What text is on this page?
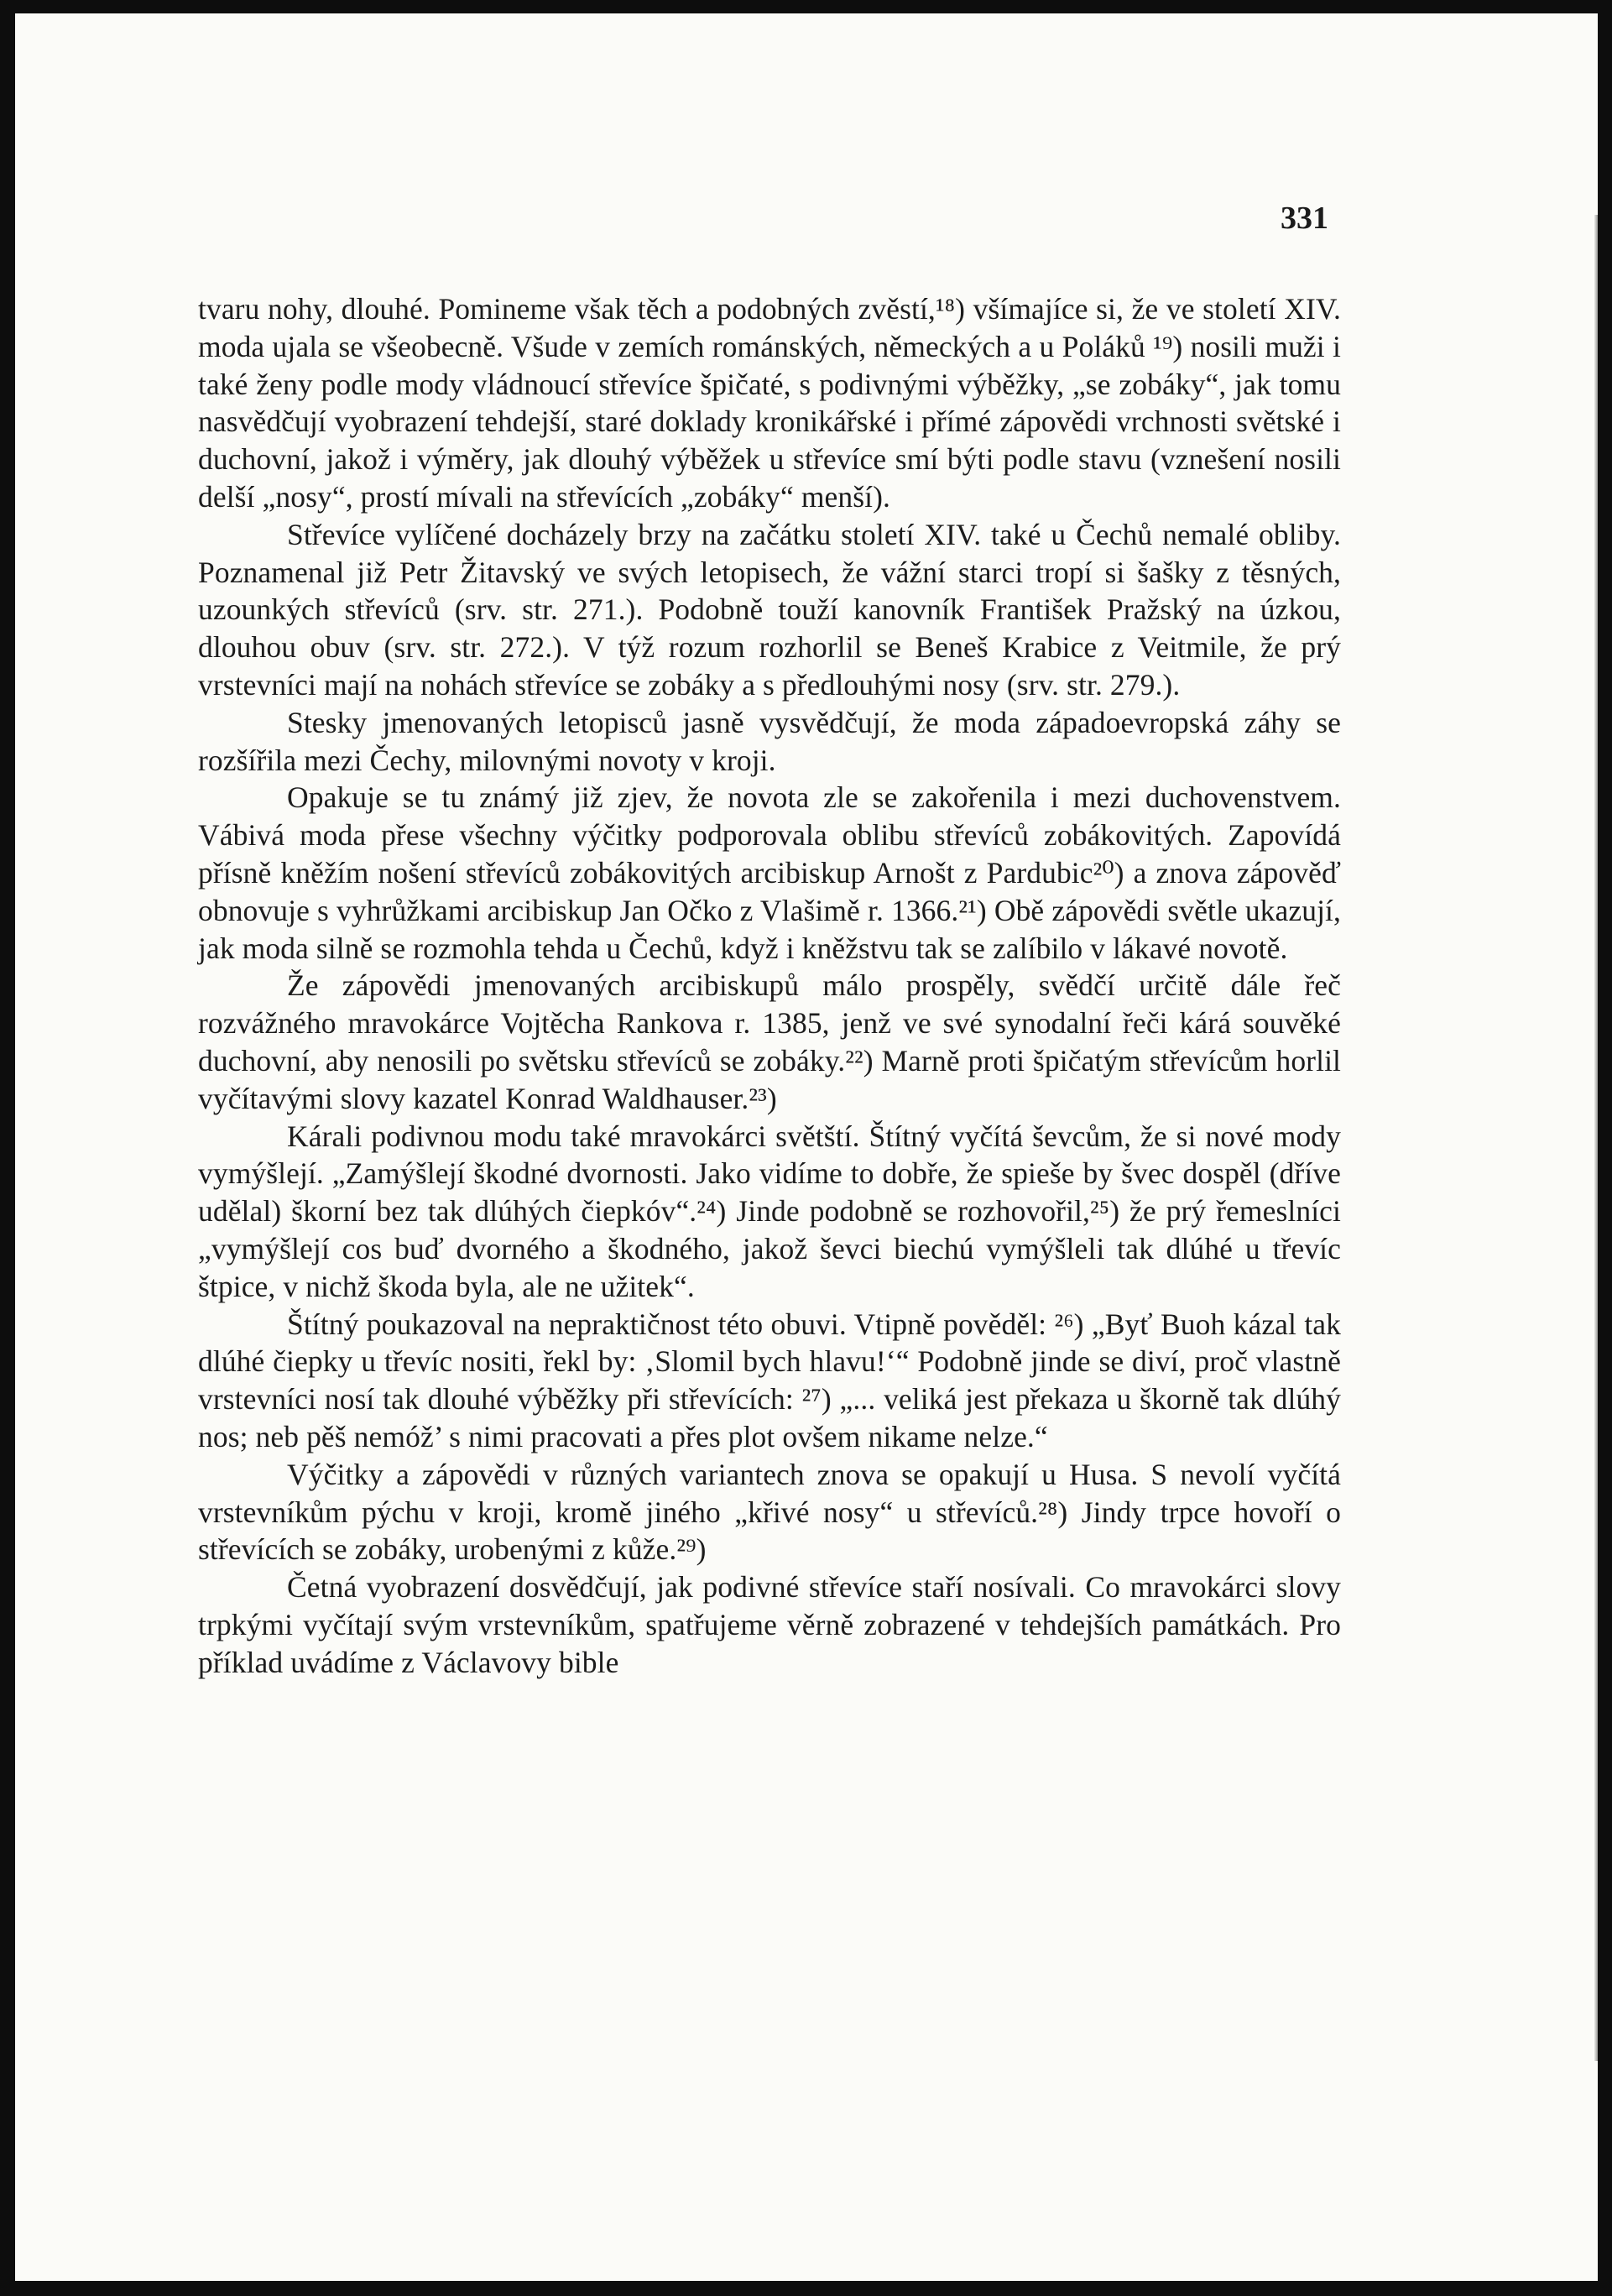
331

tvaru nohy, dlouhé. Pomineme však těch a podobných zvěstí,¹⁸) všímajíce si, že ve století XIV. moda ujala se všeobecně. Všude v zemích románských, německých a u Poláků ¹⁹) nosili muži i také ženy podle mody vládnoucí střevíce špičaté, s podivnými výběžky, „se zobáky“, jak tomu nasvědčují vyobrazení tehdejší, staré doklady kronikářské i přímé zápovědi vrchnosti světské i duchovní, jakož i výměry, jak dlouhý výběžek u střevíce smí býti podle stavu (vznešení nosili delší „nosy“, prostí mívali na střevících „zobáky“ menší).

Střevíce vylíčené docházely brzy na začátku století XIV. také u Čechů nemalé obliby. Poznamenal již Petr Žitavský ve svých letopisech, že vážní starci tropí si šašky z těsných, uzounkých střevíců (srv. str. 271.). Podobně touží kanovník František Pražský na úzkou, dlouhou obuv (srv. str. 272.). V týž rozum rozhorlil se Beneš Krabice z Veitmile, že prý vrstevníci mají na nohách střevíce se zobáky a s předlouhými nosy (srv. str. 279.).

Stesky jmenovaných letopisců jasně vysvědčují, že moda západoevropská záhy se rozšířila mezi Čechy, milovnými novoty v kroji.

Opakuje se tu známý již zjev, že novota zle se zakořenila i mezi duchovenstvem. Vábivá moda přese všechny výčitky podporovala oblibu střevíců zobákovitých. Zapovídá přísně kněžím nošení střevíců zobákovitých arcibiskup Arnošt z Pardubic²⁰) a znova zápověď obnovuje s vyhrůžkami arcibiskup Jan Očko z Vlašimě r. 1366.²¹) Obě zápovědi světle ukazují, jak moda silně se rozmohla tehda u Čechů, když i kněžstvu tak se zalíbilo v lákavé novotě.

Že zápovědi jmenovaných arcibiskupů málo prospěly, svědčí určitě dále řeč rozvážného mravokárce Vojtěcha Rankova r. 1385, jenž ve své synodalní řeči kárá souvěké duchovní, aby nenosili po světsku střevíců se zobáky.²²) Marně proti špičatým střevícům horlil vyčítavými slovy kazatel Konrad Waldhauser.²³)

Kárali podivnou modu také mravokárci světští. Štítný vyčítá ševcům, že si nové mody vymýšlejí. „Zamýšlejí škodné dvornosti. Jako vidíme to dobře, že spieše by švec dospěl (dříve udělal) škorní bez tak dlúhých čiepkóv“.²⁴) Jinde podobně se rozhovořil,²⁵) že prý řemeslníci „vymýšlejí cos buď dvorného a škodného, jakož ševci biechú vymýšleli tak dlúhé u třevíc štpice, v nichž škoda byla, ale ne užitek“.

Štítný poukazoval na nepraktičnost této obuvi. Vtipně pověděl: ²⁶) „Byť Buoh kázal tak dlúhé čiepky u třevíc nositi, řekl by: ‚Slomil bych hlavu!‘“ Podobně jinde se diví, proč vlastně vrstevníci nosí tak dlouhé výběžky při střevících: ²⁷) „... veliká jest překaza u škorně tak dlúhý nos; neb pěš nemóž’ s nimi pracovati a přes plot ovšem nikame nelze.“

Výčitky a zápovědi v různých variantech znova se opakují u Husa. S nevolí vyčítá vrstevníkům pýchu v kroji, kromě jiného „křivé nosy“ u střevíců.²⁸) Jindy trpce hovoří o střevících se zobáky, urobenými z kůže.²⁹)

Četná vyobrazení dosvědčují, jak podivné střevíce staří nosívali. Co mravokárci slovy trpkými vyčítají svým vrstevníkům, spatřujeme věrně zobrazené v tehdejších památkách. Pro příklad uvádíme z Václavovy bible
